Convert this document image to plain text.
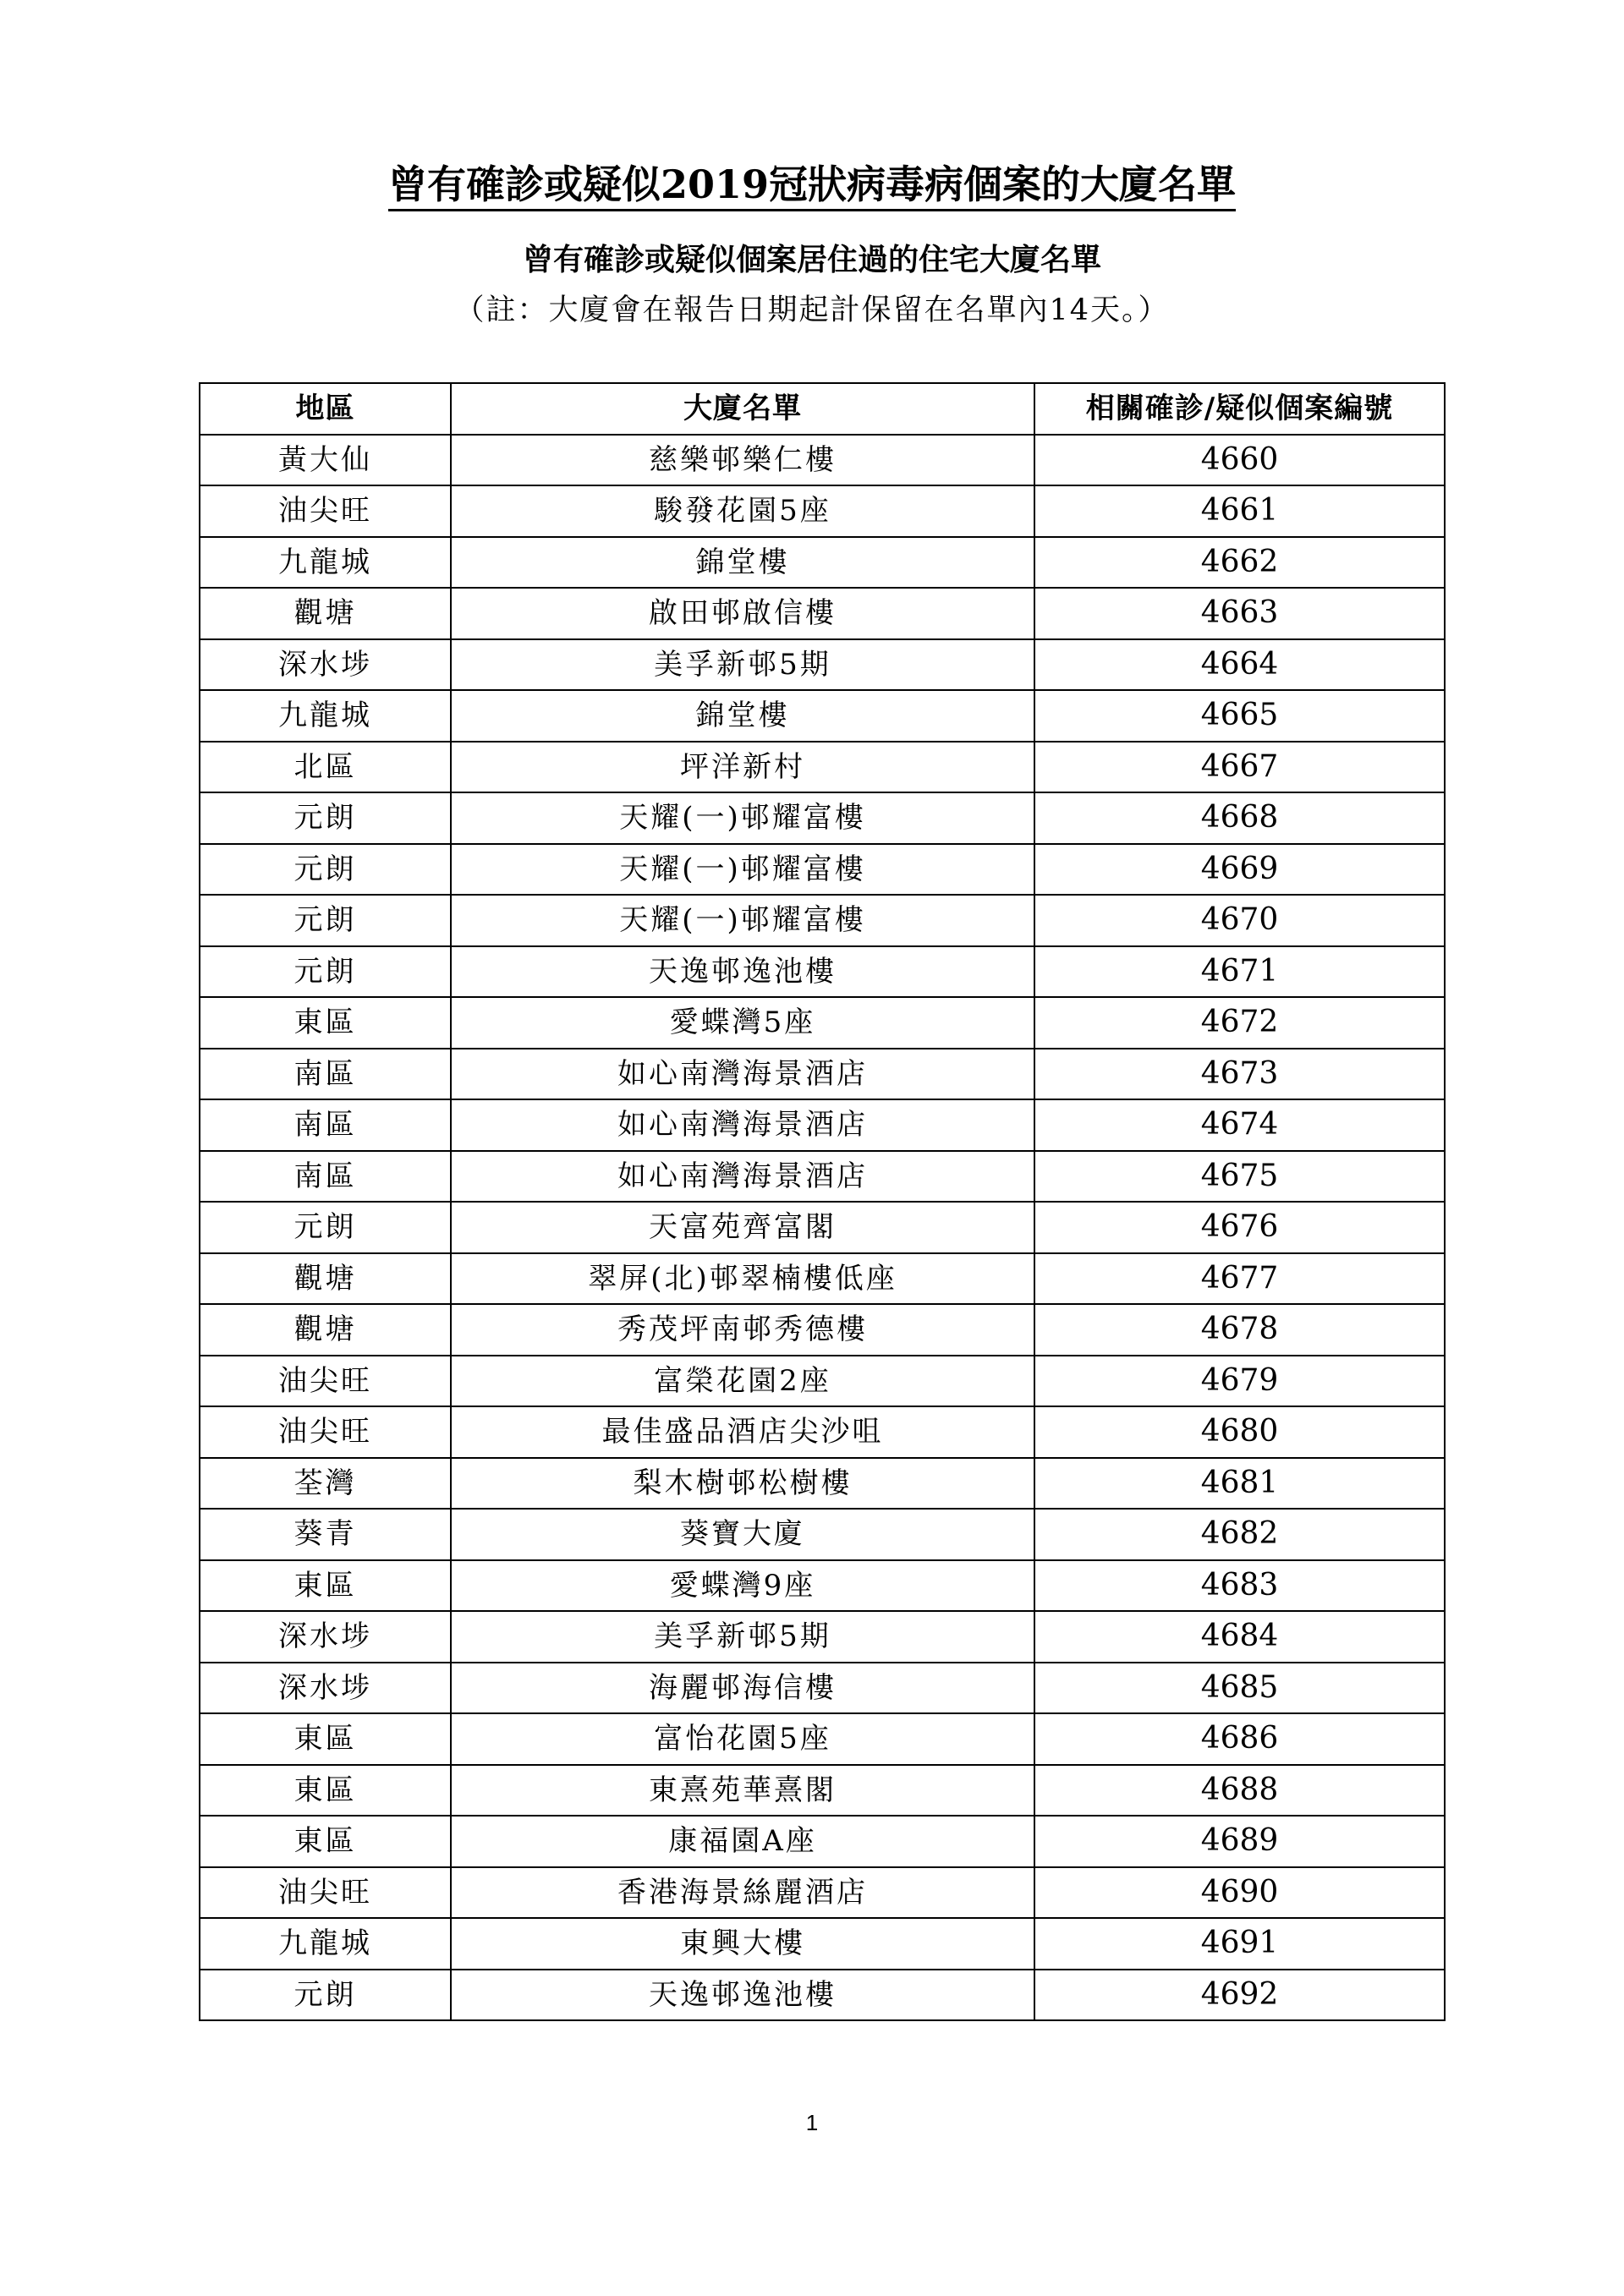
曾有確診或疑似2019冠狀病毒病個案的大廈名單
曾有確診或疑似個案居住過的住宅大廈名單
（註：大廈會在報告日期起計保留在名單內14天。）
地區	大廈名單	相關確診/疑似個案編號
黃大仙	慈樂邨樂仁樓	4660
油尖旺	駿發花園5座	4661
九龍城	錦堂樓	4662
觀塘	啟田邨啟信樓	4663
深水埗	美孚新邨5期	4664
九龍城	錦堂樓	4665
北區	坪洋新村	4667
元朗	天耀(一)邨耀富樓	4668
元朗	天耀(一)邨耀富樓	4669
元朗	天耀(一)邨耀富樓	4670
元朗	天逸邨逸池樓	4671
東區	愛蝶灣5座	4672
南區	如心南灣海景酒店	4673
南區	如心南灣海景酒店	4674
南區	如心南灣海景酒店	4675
元朗	天富苑齊富閣	4676
觀塘	翠屏(北)邨翠楠樓低座	4677
觀塘	秀茂坪南邨秀德樓	4678
油尖旺	富榮花園2座	4679
油尖旺	最佳盛品酒店尖沙咀	4680
荃灣	梨木樹邨松樹樓	4681
葵青	葵寶大廈	4682
東區	愛蝶灣9座	4683
深水埗	美孚新邨5期	4684
深水埗	海麗邨海信樓	4685
東區	富怡花園5座	4686
東區	東熹苑華熹閣	4688
東區	康福園A座	4689
油尖旺	香港海景絲麗酒店	4690
九龍城	東興大樓	4691
元朗	天逸邨逸池樓	4692
1
